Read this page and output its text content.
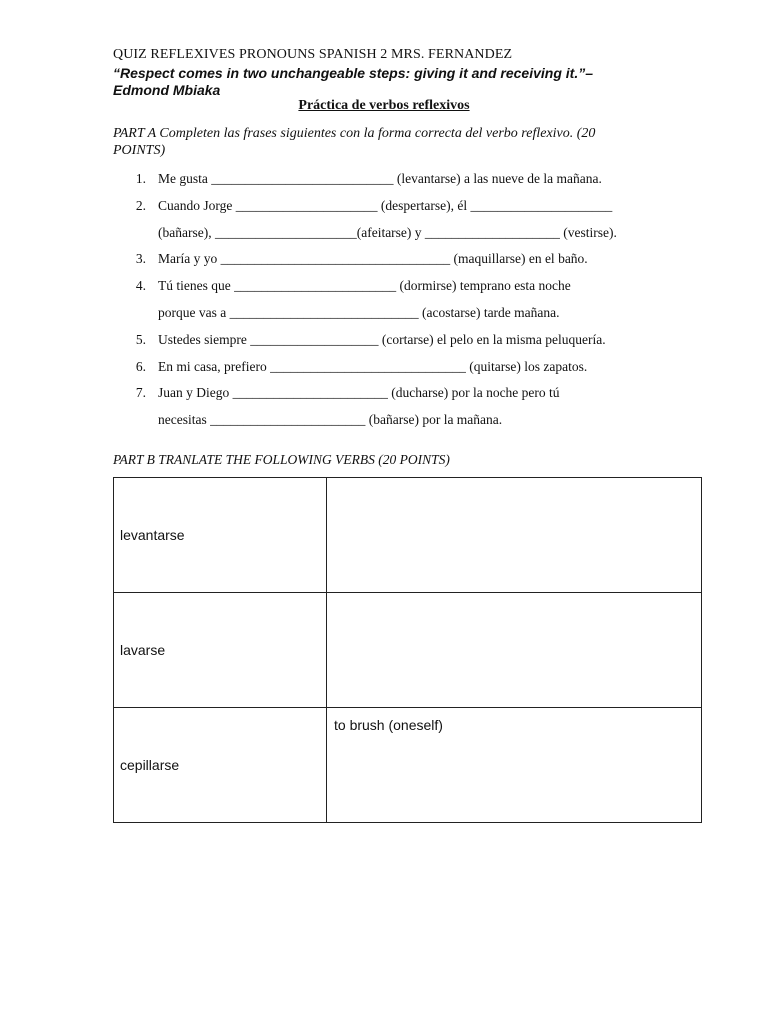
QUIZ REFLEXIVES PRONOUNS SPANISH 2 MRS. FERNANDEZ
“Respect comes in two unchangeable steps: giving it and receiving it.”–
Edmond Mbiaka
Práctica de verbos reflexivos
PART A Completen las frases siguientes con la forma correcta del verbo reflexivo. (20 POINTS)
1. Me gusta ___________________________ (levantarse) a las nueve de la mañana.
2. Cuando Jorge _____________________ (despertarse), él _____________________
(bañarse), _____________________(afeitarse) y ____________________ (vestirse).
3. María y yo __________________________________ (maquillarse) en el baño.
4. Tú tienes que ________________________ (dormirse) temprano esta noche
porque vas a ____________________________ (acostarse) tarde mañana.
5. Ustedes siempre ___________________ (cortarse) el pelo en la misma peluquería.
6. En mi casa, prefiero _____________________________ (quitarse) los zapatos.
7. Juan y Diego _______________________ (ducharse) por la noche pero tú
necesitas _______________________ (bañarse) por la mañana.
PART B TRANLATE THE FOLLOWING VERBS (20 POINTS)
levantarse	

lavarse	

cepillarse	to brush (oneself)
